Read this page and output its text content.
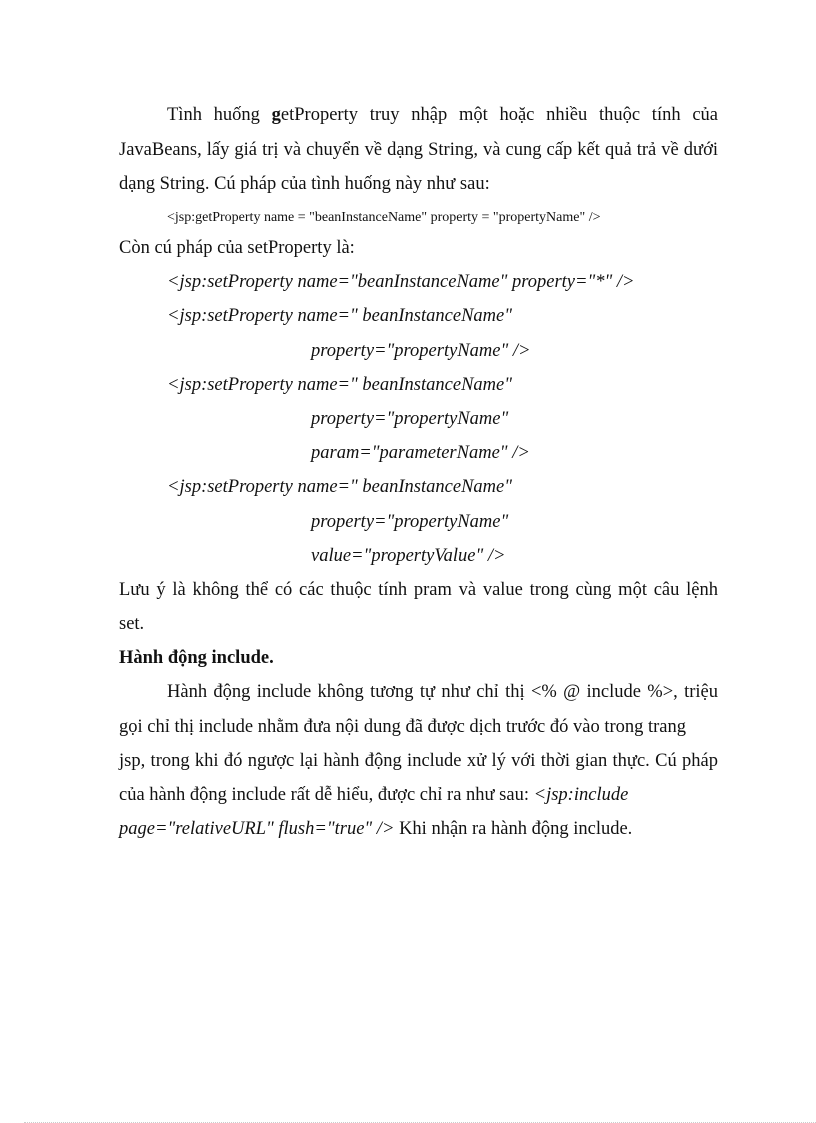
Tình huống getProperty truy nhập một hoặc nhiều thuộc tính của
JavaBeans, lấy giá trị và chuyển về dạng String, và cung cấp kết quả trả về dưới
dạng String. Cú pháp của tình huống này như sau:
<jsp:getProperty name = "beanInstanceName" property = "propertyName" />
Còn cú pháp của setProperty là:
<jsp:setProperty name="beanInstanceName" property="*" />
<jsp:setProperty name=" beanInstanceName"
property="propertyName" />
<jsp:setProperty name=" beanInstanceName"
property="propertyName"
param="parameterName" />
<jsp:setProperty name=" beanInstanceName"
property="propertyName"
value="propertyValue" />
Lưu ý là không thể có các thuộc tính pram và value trong cùng một câu lệnh
set.
Hành động include.
Hành động include không tương tự như chỉ thị <% @ include %>, triệu
gọi chỉ thị include nhằm đưa nội dung đã được dịch trước đó vào trong trang
jsp, trong khi đó ngược lại hành động include xử lý với thời gian thực. Cú pháp
của hành động include rất dễ hiểu, được chỉ ra như sau: <jsp:include
page="relativeURL" flush="true" /> Khi nhận ra hành động include.
